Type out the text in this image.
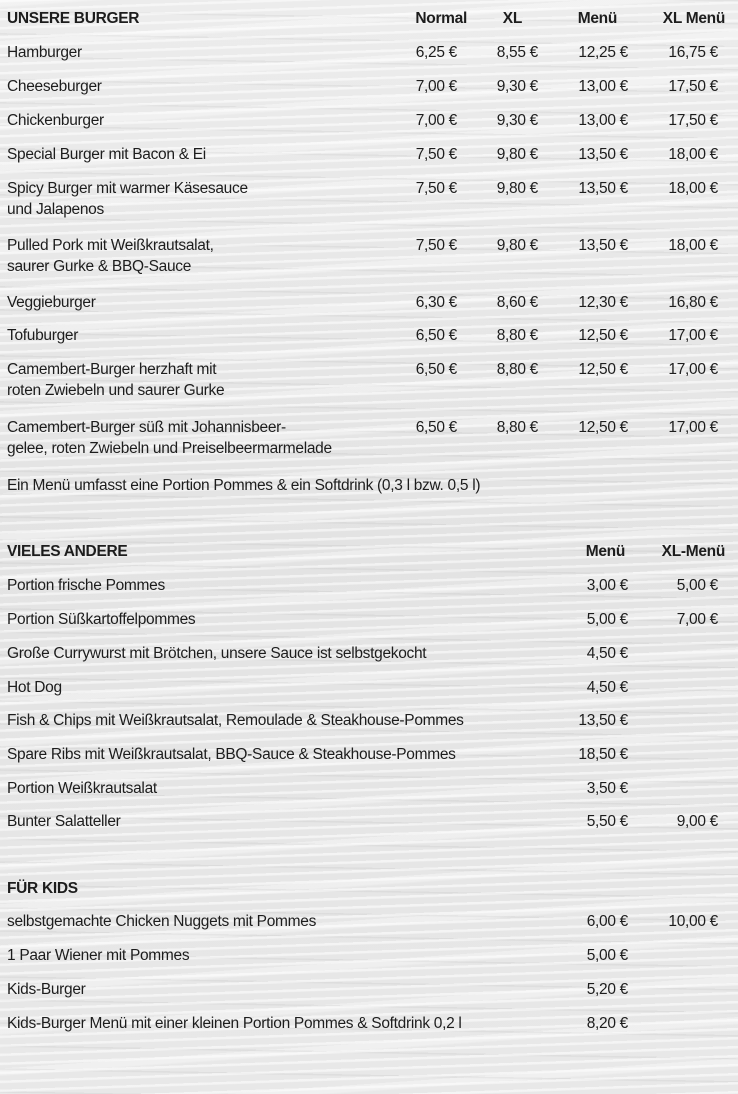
UNSERE BURGER	Normal XL	Menü	XL Menü
Hamburger	6,25 €	8,55 €	12,25 €	16,75 €
Cheeseburger	7,00 €	9,30 €	13,00 €	17,50 €
Chickenburger	7,00 €	9,30 €	13,00 €	17,50 €
Special Burger mit Bacon & Ei	7,50 €	9,80 €	13,50 €	18,00 €
Spicy Burger mit warmer Käsesauce
und Jalapenos
7,50 €	9,80 €	13,50 €	18,00 €
Pulled Pork mit Weißkrautsalat,
saurer Gurke & BBQ-Sauce
7,50 €	9,80 €	13,50 €	18,00 €
Veggieburger	6,30 €	8,60 €	12,30 €	16,80 €
Tofuburger	6,50 €	8,80 €	12,50 €	17,00 €
Camembert-Burger herzhaft mit
roten Zwiebeln und saurer Gurke
6,50 €	8,80 €	12,50 €	17,00 €
Camembert-Burger süß mit Johannisbeer-
gelee, roten Zwiebeln und Preiselbeermarmelade
6,50 €	8,80 €	12,50 €	17,00 €
Ein Menü umfasst eine Portion Pommes & ein Softdrink (0,3 l bzw. 0,5 l)
VIELES ANDERE	Menü XL-Menü
Portion frische Pommes	3,00 €	5,00 €
Portion Süßkartoffelpommes	5,00 €	7,00 €
Große Currywurst mit Brötchen, unsere Sauce ist selbstgekocht	4,50 €
Hot Dog	4,50 €
Fish & Chips mit Weißkrautsalat, Remoulade & Steakhouse-Pommes	13,50 €
Spare Ribs mit Weißkrautsalat, BBQ-Sauce & Steakhouse-Pommes	18,50 €
Portion Weißkrautsalat	3,50 €
Bunter Salatteller	5,50 €	9,00 €
FÜR KIDS
selbstgemachte Chicken Nuggets mit Pommes	6,00 €	10,00 €
1 Paar Wiener mit Pommes	5,00 €
Kids-Burger	5,20 €
Kids-Burger Menü mit einer kleinen Portion Pommes & Softdrink 0,2 l	8,20 €
